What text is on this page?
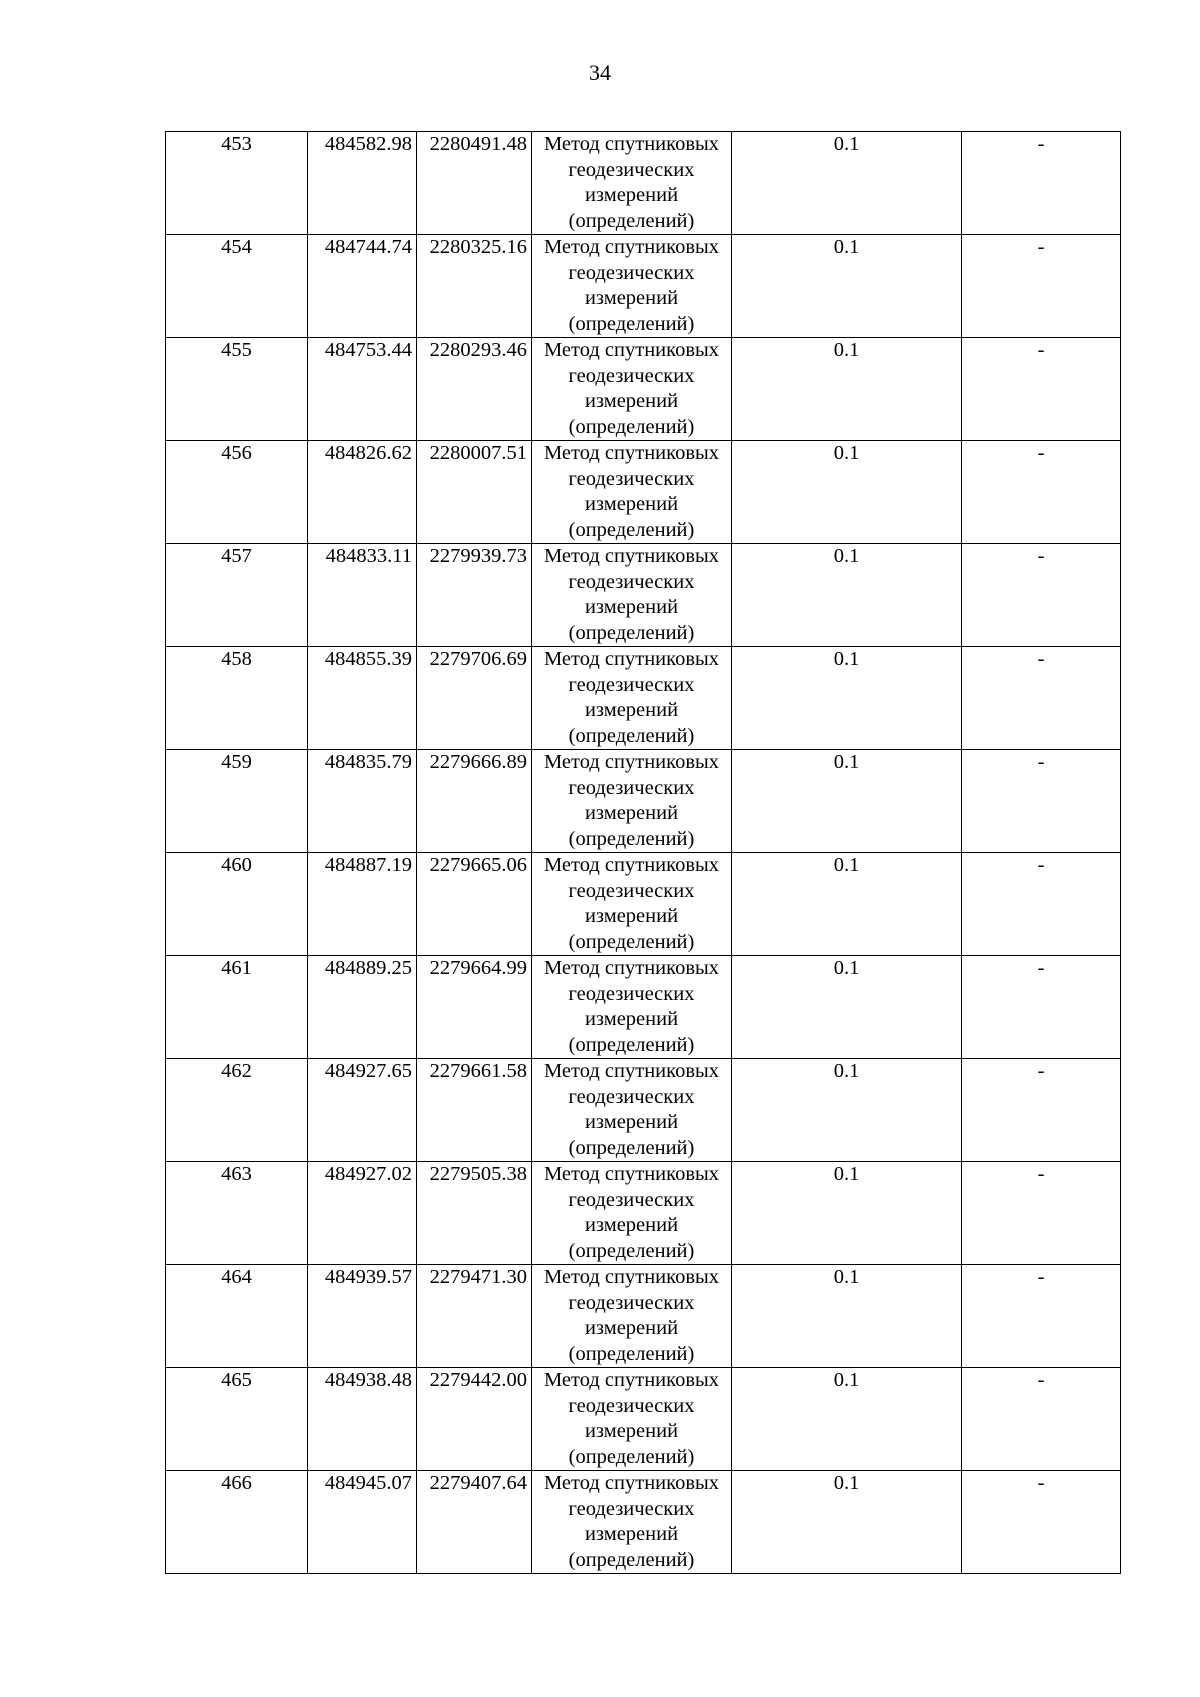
34
453	484582.98	2280491.48	Метод спутниковых геодезических измерений (определений)	0.1	-
454	484744.74	2280325.16	Метод спутниковых геодезических измерений (определений)	0.1	-
455	484753.44	2280293.46	Метод спутниковых геодезических измерений (определений)	0.1	-
456	484826.62	2280007.51	Метод спутниковых геодезических измерений (определений)	0.1	-
457	484833.11	2279939.73	Метод спутниковых геодезических измерений (определений)	0.1	-
458	484855.39	2279706.69	Метод спутниковых геодезических измерений (определений)	0.1	-
459	484835.79	2279666.89	Метод спутниковых геодезических измерений (определений)	0.1	-
460	484887.19	2279665.06	Метод спутниковых геодезических измерений (определений)	0.1	-
461	484889.25	2279664.99	Метод спутниковых геодезических измерений (определений)	0.1	-
462	484927.65	2279661.58	Метод спутниковых геодезических измерений (определений)	0.1	-
463	484927.02	2279505.38	Метод спутниковых геодезических измерений (определений)	0.1	-
464	484939.57	2279471.30	Метод спутниковых геодезических измерений (определений)	0.1	-
465	484938.48	2279442.00	Метод спутниковых геодезических измерений (определений)	0.1	-
466	484945.07	2279407.64	Метод спутниковых геодезических измерений (определений)	0.1	-
